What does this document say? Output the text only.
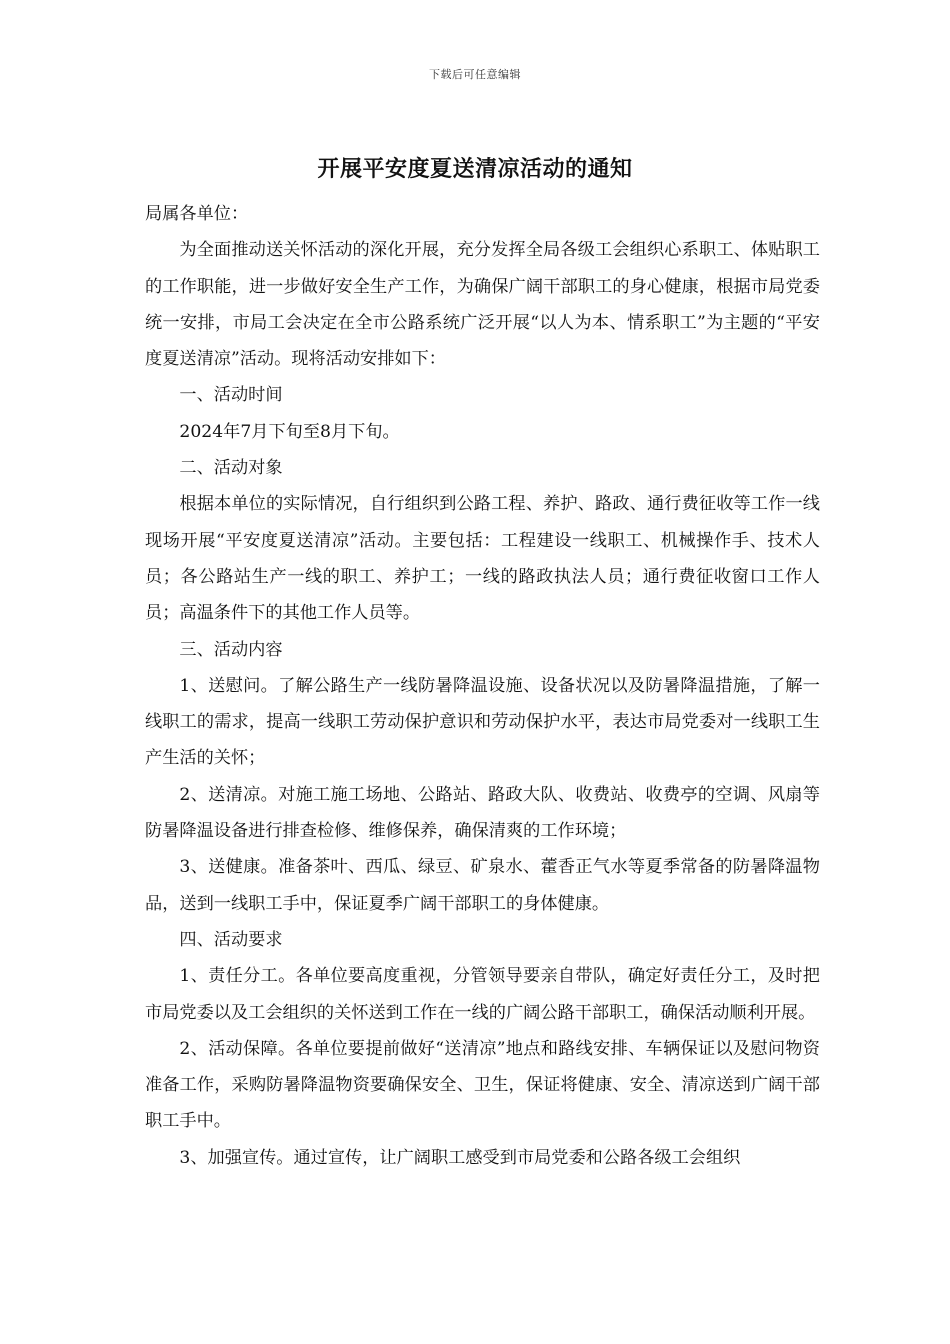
下载后可任意编辑
开展平安度夏送清凉活动的通知

局属各单位：

为全面推动送关怀活动的深化开展，充分发挥全局各级工会组织心系职工、体贴职工的工作职能，进一步做好安全生产工作，为确保广阔干部职工的身心健康，根据市局党委统一安排，市局工会决定在全市公路系统广泛开展“以人为本、情系职工”为主题的“平安度夏送清凉”活动。现将活动安排如下：

一、活动时间

2024年7月下旬至8月下旬。

二、活动对象

根据本单位的实际情况，自行组织到公路工程、养护、路政、通行费征收等工作一线现场开展“平安度夏送清凉”活动。主要包括：工程建设一线职工、机械操作手、技术人员；各公路站生产一线的职工、养护工；一线的路政执法人员；通行费征收窗口工作人员；高温条件下的其他工作人员等。

三、活动内容

1、送慰问。了解公路生产一线防暑降温设施、设备状况以及防暑降温措施，了解一线职工的需求，提高一线职工劳动保护意识和劳动保护水平，表达市局党委对一线职工生产生活的关怀；

2、送清凉。对施工施工场地、公路站、路政大队、收费站、收费亭的空调、风扇等防暑降温设备进行排查检修、维修保养，确保清爽的工作环境；

3、送健康。准备茶叶、西瓜、绿豆、矿泉水、藿香正气水等夏季常备的防暑降温物品，送到一线职工手中，保证夏季广阔干部职工的身体健康。

四、活动要求

1、责任分工。各单位要高度重视，分管领导要亲自带队，确定好责任分工，及时把市局党委以及工会组织的关怀送到工作在一线的广阔公路干部职工，确保活动顺利开展。

2、活动保障。各单位要提前做好“送清凉”地点和路线安排、车辆保证以及慰问物资准备工作，采购防暑降温物资要确保安全、卫生，保证将健康、安全、清凉送到广阔干部职工手中。

3、加强宣传。通过宣传，让广阔职工感受到市局党委和公路各级工会组织
